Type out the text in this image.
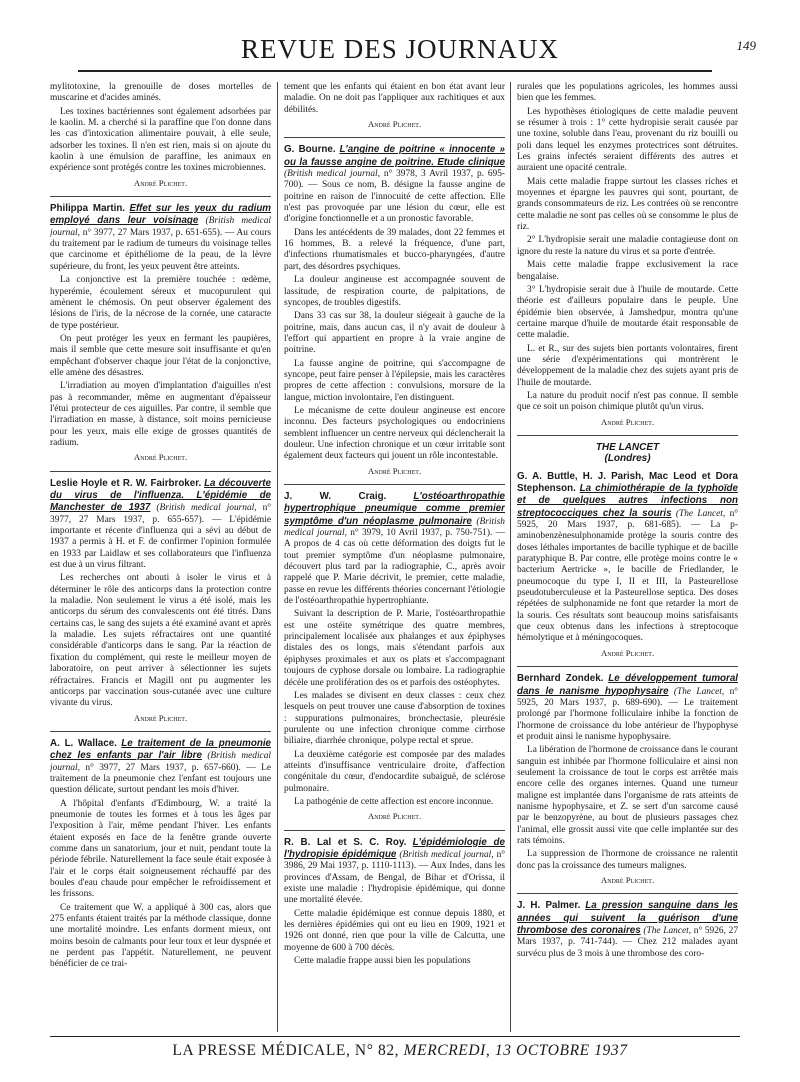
REVUE DES JOURNAUX	149

mylitotoxine, la grenouille de doses mortelles de muscarine et d'acides aminés.

Les toxines bactériennes sont également adsorbées par le kaolin. M. a cherché si la paraffine que l'on donne dans les cas d'intoxication alimentaire pouvait, à elle seule, adsorber les toxines. Il n'en est rien, mais si on ajoute du kaolin à une émulsion de paraffine, les animaux en expérience sont protégés contre les toxines microbiennes.

André Plichet.

Philippa Martin. Effet sur les yeux du radium employé dans leur voisinage (British medical journal, n° 3977, 27 Mars 1937, p. 651-655). — Au cours du traitement par le radium de tumeurs du voisinage telles que carcinome et épithéliome de la peau, de la lèvre supérieure, du front, les yeux peuvent être atteints.

La conjonctive est la première touchée : œdème, hyperémie, écoulement séreux et mucopurulent qui amènent le chémosis. On peut observer également des lésions de l'iris, de la nécrose de la cornée, une cataracte de type postérieur.

On peut protéger les yeux en fermant les paupières, mais il semble que cette mesure soit insuffisante et qu'en empêchant d'observer chaque jour l'état de la conjonctive, elle amène des désastres.

L'irradiation au moyen d'implantation d'aiguilles n'est pas à recommander, même en augmentant d'épaisseur l'étui protecteur de ces aiguilles. Par contre, il semble que l'irradiation en masse, à distance, soit moins pernicieuse pour les yeux, mais elle exige de grosses quantités de radium.

André Plichet.

Leslie Hoyle et R. W. Fairbroker. La découverte du virus de l'influenza. L'épidémie de Manchester de 1937 (British medical journal, n° 3977, 27 Mars 1937, p. 655-657). — L'épidémie importante et récente d'influenza qui a sévi au début de 1937 a permis à H. et F. de confirmer l'opinion formulée en 1933 par Laidlaw et ses collaborateurs que l'influenza est due à un virus filtrant.

Les recherches ont abouti à isoler le virus et à déterminer le rôle des anticorps dans la protection contre la maladie. Non seulement le virus a été isolé, mais les anticorps du sérum des convalescents ont été titrés. Dans certains cas, le sang des sujets a été examiné avant et après la maladie. Les sujets réfractaires ont une quantité considérable d'anticorps dans le sang. Par la réaction de fixation du complément, qui reste le meilleur moyen de laboratoire, on peut arriver à sélectionner les sujets réfractaires. Francis et Magill ont pu augmenter les anticorps par vaccination sous-cutanée avec une culture vivante du virus.

André Plichet.

A. L. Wallace. Le traitement de la pneumonie chez les enfants par l'air libre (British medical journal, n° 3977, 27 Mars 1937, p. 657-660). — Le traitement de la pneumonie chez l'enfant est toujours une question délicate, surtout pendant les mois d'hiver.

A l'hôpital d'enfants d'Edimbourg, W. a traité la pneumonie de toutes les formes et à tous les âges par l'exposition à l'air, même pendant l'hiver. Les enfants étaient exposés en face de la fenêtre grande ouverte comme dans un sanatorium, jour et nuit, pendant toute la période fébrile. Naturellement la face seule était exposée à l'air et le corps était soigneusement réchauffé par des boules d'eau chaude pour empêcher le refroidissement et les frissons.

Ce traitement que W. a appliqué à 300 cas, alors que 275 enfants étaient traités par la méthode classique, donne une mortalité moindre. Les enfants dorment mieux, ont moins besoin de calmants pour leur toux et leur dyspnée et ne perdent pas l'appétit. Naturellement, ne peuvent bénéficier de ce trai-

tement que les enfants qui étaient en bon état avant leur maladie. On ne doit pas l'appliquer aux rachitiques et aux débilités.

André Plichet.

G. Bourne. L'angine de poitrine « innocente » ou la fausse angine de poitrine. Etude clinique (British medical journal, n° 3978, 3 Avril 1937, p. 695-700). — Sous ce nom, B. désigne la fausse angine de poitrine en raison de l'innocuité de cette affection. Elle n'est pas provoquée par une lésion du cœur, elle est d'origine fonctionnelle et a un pronostic favorable.

Dans les antécédents de 39 malades, dont 22 femmes et 16 hommes, B. a relevé la fréquence, d'une part, d'infections rhumatismales et bucco-pharyngées, d'autre part, des désordres psychiques.

La douleur angineuse est accompagnée souvent de lassitude, de respiration courte, de palpitations, de syncopes, de troubles digestifs.

Dans 33 cas sur 38, la douleur siégeait à gauche de la poitrine, mais, dans aucun cas, il n'y avait de douleur à l'effort qui appartient en propre à la vraie angine de poitrine.

La fausse angine de poitrine, qui s'accompagne de syncope, peut faire penser à l'épilepsie, mais les caractères propres de cette affection : convulsions, morsure de la langue, miction involontaire, l'en distinguent.

Le mécanisme de cette douleur angineuse est encore inconnu. Des facteurs psychologiques ou endocriniens semblent influencer un centre nerveux qui déclencherait la douleur. Une infection chronique et un cœur irritable sont également deux facteurs qui jouent un rôle incontestable.

André Plichet.

J. W. Craig.	L'ostéoarthropathie hypertrophique pneumique comme premier symptôme d'un néoplasme pulmonaire (British medical journal, n° 3979, 10 Avril 1937, p. 750-751). — A propos de 4 cas où cette déformation des doigts fut le tout premier symptôme d'un néoplasme pulmonaire, découvert plus tard par la radiographie, C., après avoir rappelé que P. Marie décrivit, le premier, cette maladie, passe en revue les différents théories concernant l'étiologie de l'ostéoarthropathie hypertrophiante.

Suivant la description de P. Marie, l'ostéoarthropathie est une ostéite symétrique des quatre membres, principalement localisée aux phalanges et aux épiphyses distales des os longs, mais s'étendant parfois aux épiphyses proximales et aux os plats et s'accompagnant toujours de cyphose dorsale ou lombaire. La radiographie décèle une prolifération des os et parfois des ostéophytes.

Les malades se divisent en deux classes : ceux chez lesquels on peut trouver une cause d'absorption de toxines : suppurations pulmonaires, bronchectasie, pleurésie purulente ou une infection chronique comme cirrhose biliaire, diarrhée chronique, polype rectal et sprue.

La deuxième catégorie est composée par des malades atteints d'insuffisance ventriculaire droite, d'affection congénitale du cœur, d'endocardite subaiguë, de sclérose pulmonaire.

La pathogénie de cette affection est encore inconnue.

André Plichet.

R. B. Lal et S. C. Roy. L'épidémiologie de l'hydropisie épidémique (British medical journal, n° 3986, 29 Mai 1937, p. 1110-1113). — Aux Indes, dans les provinces d'Assam, de Bengal, de Bihar et d'Orissa, il existe une maladie : l'hydropisie épidémique, qui donne une mortalité élevée.

Cette maladie épidémique est connue depuis 1880, et les dernières épidémies qui ont eu lieu en 1909, 1921 et 1926 ont donné, rien que pour la ville de Calcutta, une moyenne de 600 à 700 décès.

Cette maladie frappe aussi bien les populations

rurales que les populations agricoles, les hommes aussi bien que les femmes.

Les hypothèses étiologiques de cette maladie peuvent se résumer à trois : 1° cette hydropisie serait causée par une toxine, soluble dans l'eau, provenant du riz bouilli ou poli dans lequel les enzymes protectrices sont détruites. Les grains infectés seraient différents des autres et auraient une opacité centrale.

Mais cette maladie frappe surtout les classes riches et moyennes et épargne les pauvres qui sont, pourtant, de grands consommateurs de riz. Les contrées où se rencontre cette maladie ne sont pas celles où se consomme le plus de riz.

2° L'hydropisie serait une maladie contagieuse dont on ignore du reste la nature du virus et sa porte d'entrée.

Mais cette maladie frappe exclusivement la race bengalaise.

3° L'hydropisie serait due à l'huile de moutarde. Cette théorie est d'ailleurs populaire dans le peuple. Une épidémie bien observée, à Jamshedpur, montra qu'une certaine marque d'huile de moutarde était responsable de cette maladie.

L. et R., sur des sujets bien portants volontaires, firent une série d'expérimentations qui montrèrent le développement de la maladie chez des sujets ayant pris de l'huile de moutarde.

La nature du produit nocif n'est pas connue. Il semble que ce soit un poison chimique plutôt qu'un virus.

André Plichet.
THE LANCET
(Londres)

G. A. Buttle, H. J. Parish, Mac Leod et Dora Stephenson. La chimiothérapie de la typhoïde et de quelques autres infections non streptococciques chez la souris (The Lancet, n° 5925, 20 Mars 1937, p. 681-685). — La p-aminobenzènesulphonamide protège la souris contre des doses léthales importantes de bacille typhique et de bacille paratyphique B. Par contre, elle protège moins contre le « bacterium Aertricke », le bacille de Friedlander, le pneumocoque du type I, II et III, la Pasteurellose pseudotuberculeuse et la Pasteurellose septica. Des doses répétées de sulphonamide ne font que retarder la mort de la souris. Ces résultats sont beaucoup moins satisfaisants que ceux obtenus dans les infections à streptocoque hémolytique et à méningocoques.

André Plichet.

Bernhard Zondek. Le développement tumoral dans le nanisme hypophysaire (The Lancet, n° 5925, 20 Mars 1937, p. 689-690). — Le traitement prolongé par l'hormone folliculaire inhibe la fonction de l'hormone de croissance du lobe antérieur de l'hypophyse et produit ainsi le nanisme hypophysaire.

La libération de l'hormone de croissance dans le courant sanguin est inhibée par l'hormone folliculaire et ainsi non seulement la croissance de tout le corps est arrêtée mais encore celle des organes internes. Quand une tumeur maligne est implantée dans l'organisme de rats atteints de nanisme hypophysaire, et Z. se sert d'un sarcome causé par le benzopyrène, au bout de plusieurs passages chez l'animal, elle grossit aussi vite que celle implantée sur des rats témoins.

La suppression de l'hormone de croissance ne ralentit donc pas la croissance des tumeurs malignes.

André Plichet.

J. H. Palmer. La pression sanguine dans les années qui suivent la guérison d'une thrombose des coronaires (The Lancet, n° 5926, 27 Mars 1937, p. 741-744). — Chez 212 malades ayant survécu plus de 3 mois à une thrombose des coro-

LA PRESSE MÉDICALE, N° 82, MERCREDI, 13 OCTOBRE 1937
